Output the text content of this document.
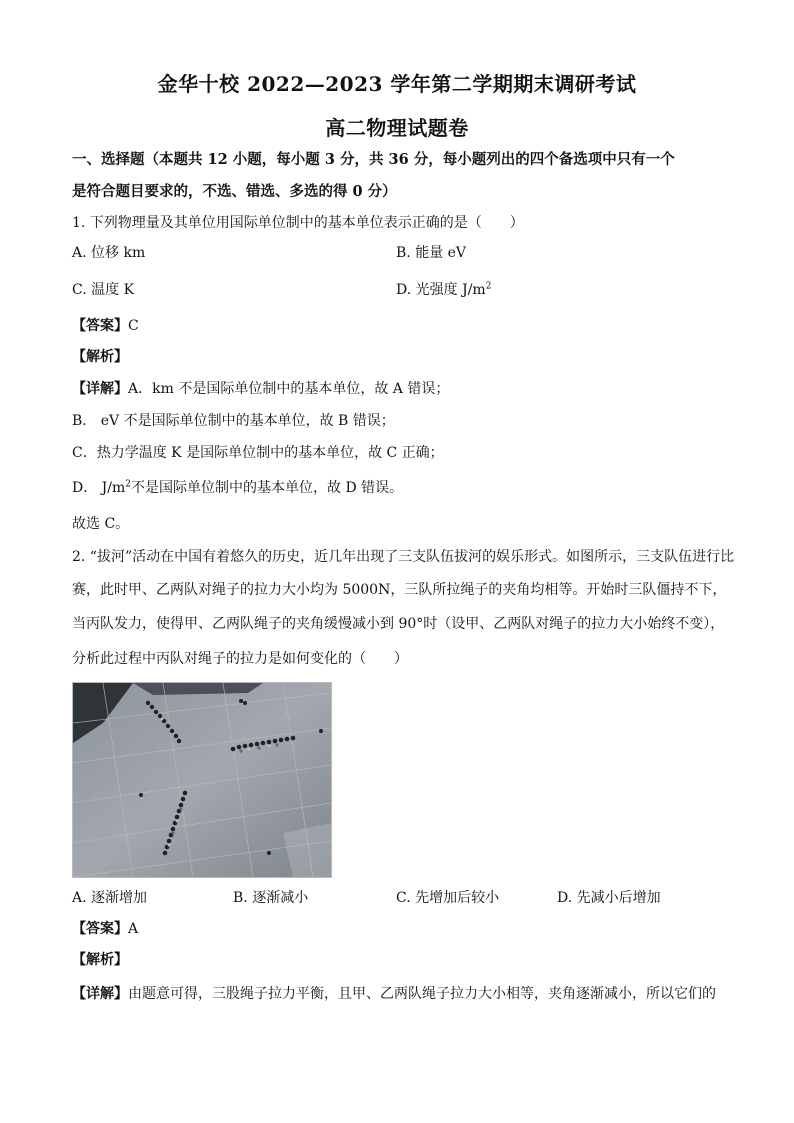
金华十校 2022—2023 学年第二学期期末调研考试
高二物理试题卷
一、选择题（本题共 12 小题，每小题 3 分，共 36 分，每小题列出的四个备选项中只有一个
是符合题目要求的，不选、错选、多选的得 0 分）
1. 下列物理量及其单位用国际单位制中的基本单位表示正确的是（　　）
A. 位移 km	B. 能量 eV
C. 温度 K	D. 光强度 $J/m^2$
【答案】C
【解析】
【详解】A．km 不是国际单位制中的基本单位，故 A 错误；
B． eV 不是国际单位制中的基本单位，故 B 错误；
C．热力学温度 K 是国际单位制中的基本单位，故 C 正确；
D． $J/m^2$不是国际单位制中的基本单位，故 D 错误。
故选 C。
2. “拔河”活动在中国有着悠久的历史，近几年出现了三支队伍拔河的娱乐形式。如图所示，三支队伍进行比
赛，此时甲、乙两队对绳子的拉力大小均为 5000N，三队所拉绳子的夹角均相等。开始时三队僵持不下，
当丙队发力，使得甲、乙两队绳子的夹角缓慢减小到 90°时（设甲、乙两队对绳子的拉力大小始终不变），
分析此过程中丙队对绳子的拉力是如何变化的（　　）
A. 逐渐增加	B. 逐渐减小	C. 先增加后较小	D. 先减小后增加
【答案】A
【解析】
【详解】由题意可得，三股绳子拉力平衡，且甲、乙两队绳子拉力大小相等，夹角逐渐减小，所以它们的
